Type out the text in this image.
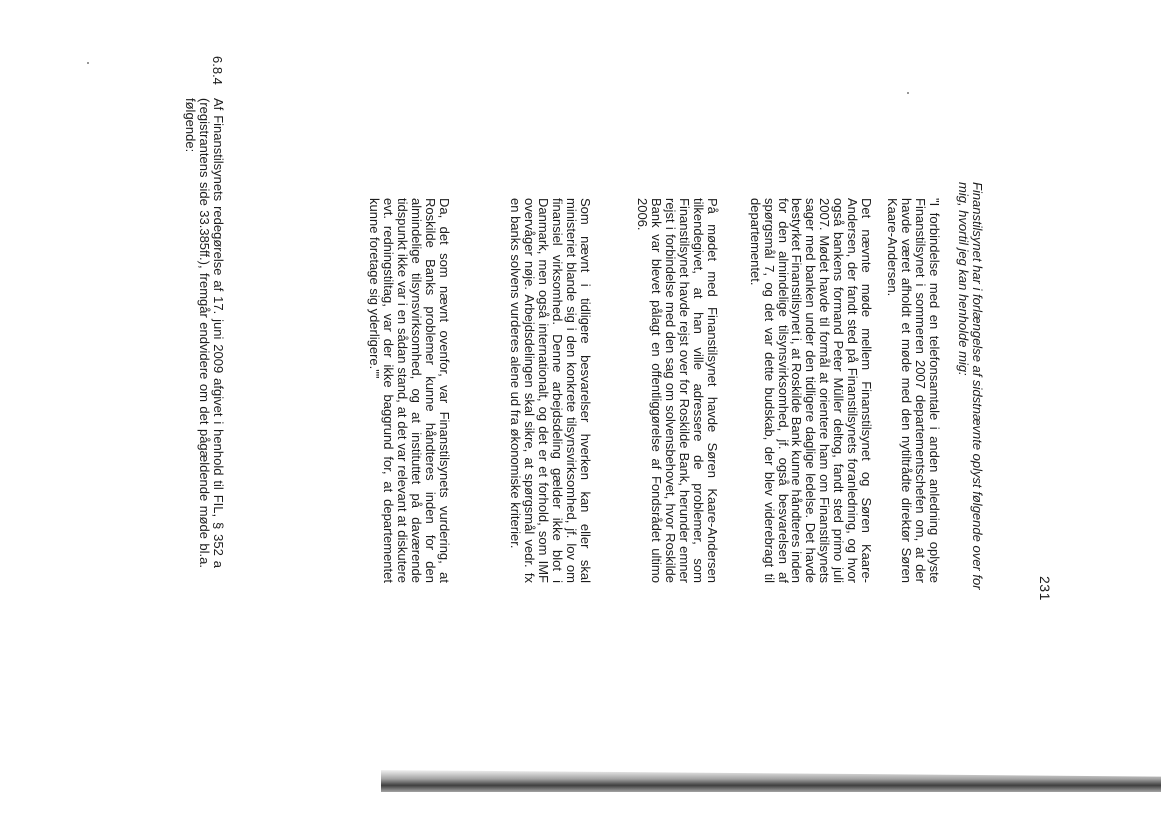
231
Finanstilsynet har i forlængelse af sidstnævnte oplyst følgende over for mig, hvortil jeg kan henholde mig:
"I forbindelse med en telefonsamtale i anden anledning oplyste Finanstilsynet i sommeren 2007 departementschefen om, at der havde været afholdt et møde med den nytiltrådte direktør Søren Kaare-Andersen.
Det nævnte møde mellem Finanstilsynet og Søren Kaare-Andersen, der fandt sted på Finanstilsynets foranledning, og hvor også bankens formand Peter Müller deltog, fandt sted primo juli 2007. Mødet havde til formål at orientere ham om Finanstilsynets sager med banken under den tidligere daglige ledelse. Det havde bestyrket Finanstilsynet i, at Roskilde Bank kunne håndteres inden for den almindelige tilsynsvirksomhed, jf. også besvarelsen af spørgsmål 7, og det var dette budskab, der blev viderebragt til departementet.
På mødet med Finanstilsynet havde Søren Kaare-Andersen tilkendegivet, at han ville adressere de problemer, som Finanstilsynet havde rejst over for Roskilde Bank, herunder emner rejst i forbindelse med den sag om solvensbehovet, hvor Roskilde Bank var blevet pålagt en offentliggørelse af Fondsrådet ultimo 2006.
Som nævnt i tidligere besvarelser hverken kan eller skal ministeriet blande sig i den konkrete tilsynsvirksomhed, jf. lov om finansiel virksomhed. Denne arbejdsdeling gælder ikke blot i Danmark, men også internationalt, og det er et forhold, som IMF overvåger nøje. Arbejdsdelingen skal sikre, at spørgsmål vedr. fx en banks solvens vurderes alene ud fra økonomiske kriterier.
Da, det som nævnt ovenfor, var Finanstilsynets vurdering, at Roskilde Banks problemer kunne håndteres inden for den almindelige tilsynsvirksomhed, og at instituttet på daværende tidspunkt ikke var i en sådan stand, at det var relevant at diskutere evt. redningstiltag, var der ikke baggrund for, at departementet kunne foretage sig yderligere.""
6.8.4
Af Finanstilsynets redegørelse af 17. juni 2009 afgivet i henhold til FIL, § 352 a (registrantens side 33.385ff.), fremgår endvidere om det pågældende møde bl.a. følgende:
